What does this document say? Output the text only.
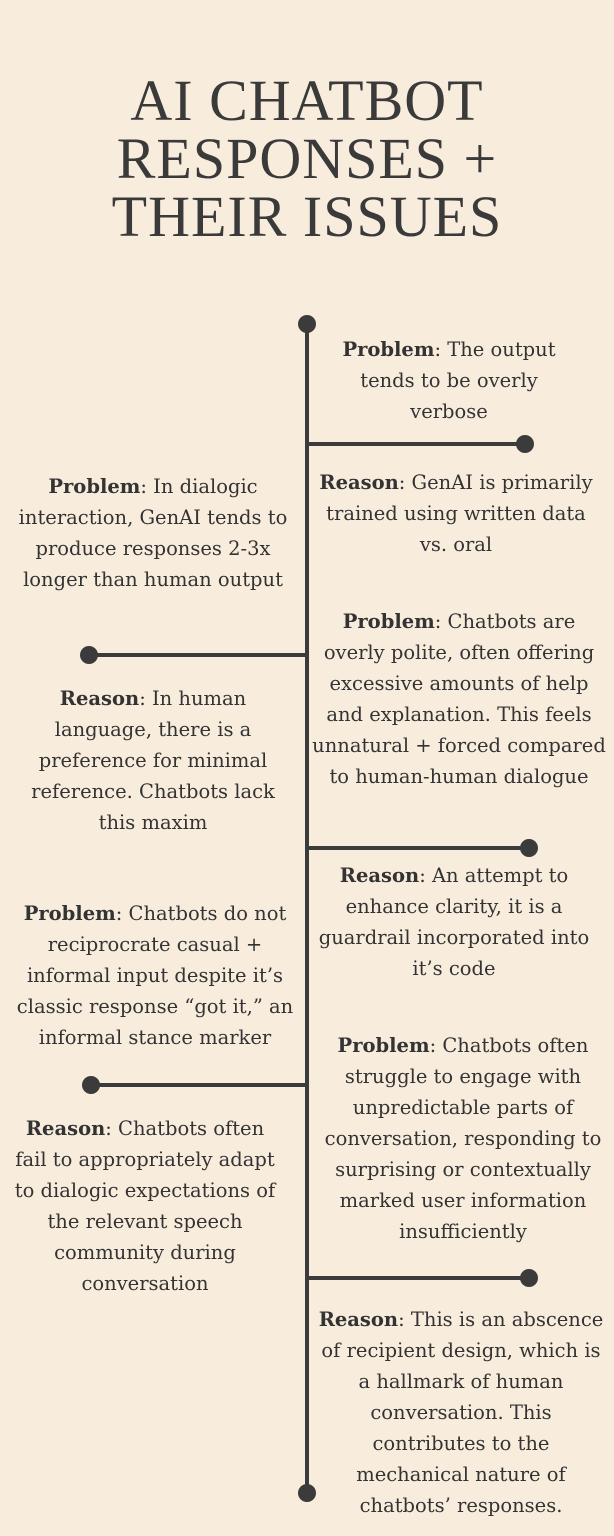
AI CHATBOT
RESPONSES +
THEIR ISSUES
Problem: The output tends to be overly verbose
Reason: GenAI is primarily trained using written data vs. oral
Problem: In dialogic interaction, GenAI tends to produce responses 2-3x longer than human output
Reason: In human language, there is a preference for minimal reference. Chatbots lack this maxim
Problem: Chatbots are overly polite, often offering excessive amounts of help and explanation. This feels unnatural + forced compared to human-human dialogue
Reason: An attempt to enhance clarity, it is a guardrail incorporated into it’s code
Problem: Chatbots do not reciprocrate casual + informal input despite it’s classic response “got it,” an informal stance marker
Reason: Chatbots often fail to appropriately adapt to dialogic expectations of the relevant speech community during conversation
Problem: Chatbots often struggle to engage with unpredictable parts of conversation, responding to surprising or contextually marked user information insufficiently
Reason: This is an abscence of recipient design, which is a hallmark of human conversation. This contributes to the mechanical nature of chatbots’ responses.
